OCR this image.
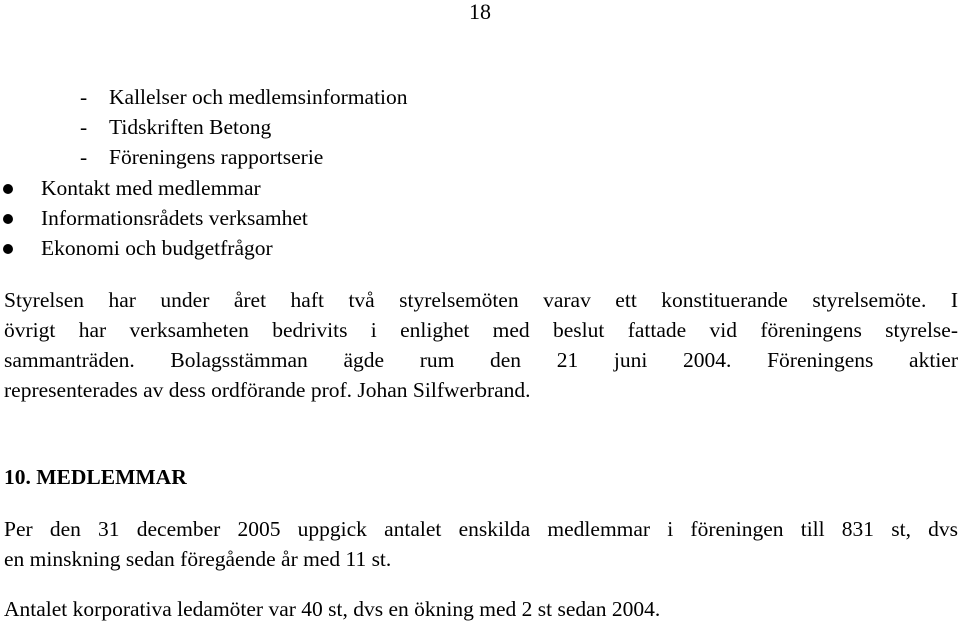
18
- Kallelser och medlemsinformation
- Tidskriften Betong
- Föreningens rapportserie
Kontakt med medlemmar
Informationsrådets verksamhet
Ekonomi och budgetfrågor

Styrelsen har under året haft två styrelsemöten varav ett konstituerande styrelsemöte. I
övrigt har verksamheten bedrivits i enlighet med beslut fattade vid föreningens styrelse-
sammanträden. Bolagsstämman ägde rum den 21 juni 2004. Föreningens aktier
representerades av dess ordförande prof. Johan Silfwerbrand.

10. MEDLEMMAR

Per den 31 december 2005 uppgick antalet enskilda medlemmar i föreningen till 831 st, dvs
en minskning sedan föregående år med 11 st.

Antalet korporativa ledamöter var 40 st, dvs en ökning med 2 st sedan 2004.
